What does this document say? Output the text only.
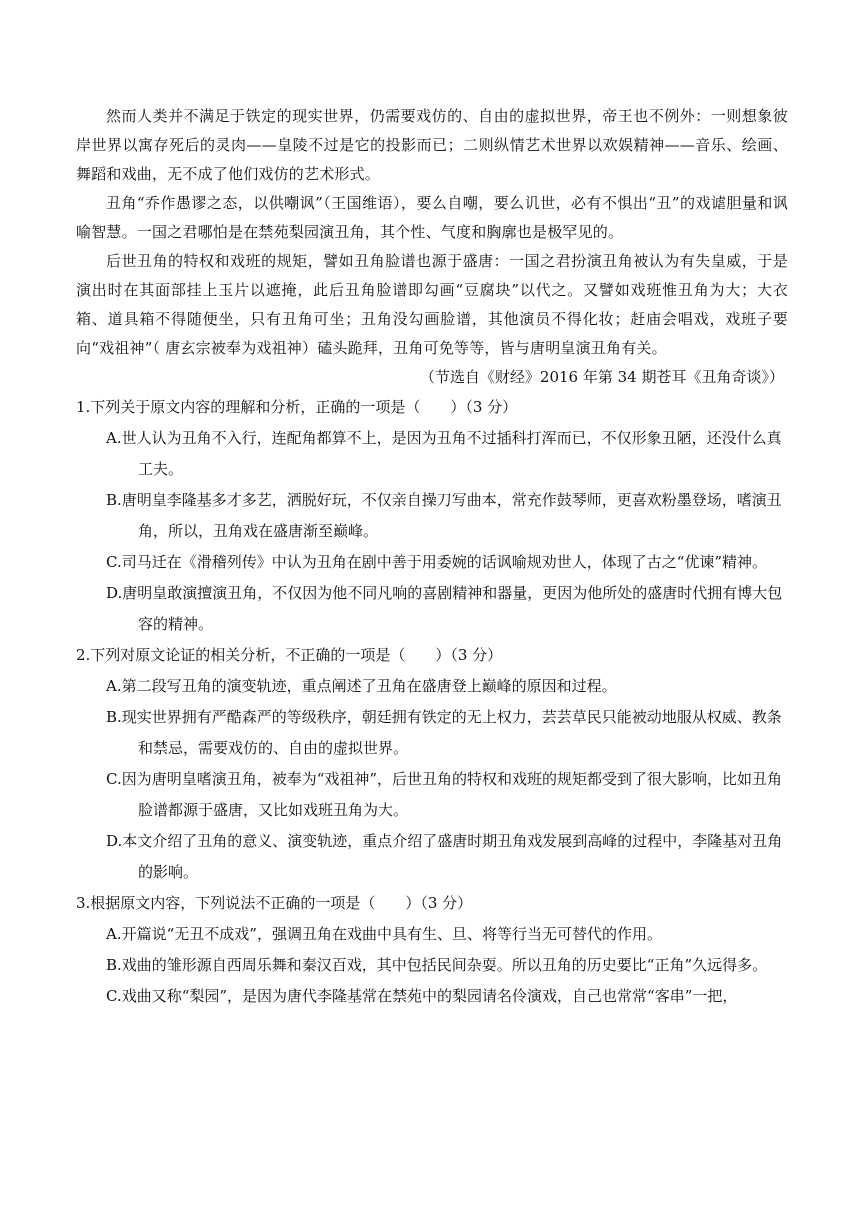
然而人类并不满足于铁定的现实世界，仍需要戏仿的、自由的虚拟世界，帝王也不例外：一则想象彼岸世界以寓存死后的灵肉——皇陵不过是它的投影而已；二则纵情艺术世界以欢娱精神——音乐、绘画、舞蹈和戏曲，无不成了他们戏仿的艺术形式。

丑角“乔作愚谬之态，以供嘲讽”（王国维语），要么自嘲，要么讥世，必有不惧出“丑”的戏谑胆量和讽喻智慧。一国之君哪怕是在禁苑梨园演丑角，其个性、气度和胸廓也是极罕见的。

后世丑角的特权和戏班的规矩，譬如丑角脸谱也源于盛唐：一国之君扮演丑角被认为有失皇威，于是演出时在其面部挂上玉片以遮掩，此后丑角脸谱即勾画“豆腐块”以代之。又譬如戏班惟丑角为大；大衣箱、道具箱不得随便坐，只有丑角可坐；丑角没勾画脸谱，其他演员不得化妆；赶庙会唱戏，戏班子要向“戏祖神”（ 唐玄宗被奉为戏祖神）磕头跪拜，丑角可免等等，皆与唐明皇演丑角有关。

（节选自《财经》2016 年第 34 期苍耳《丑角奇谈》）

1.下列关于原文内容的理解和分析，正确的一项是（　　）（3 分）

A.世人认为丑角不入行，连配角都算不上，是因为丑角不过插科打浑而已，不仅形象丑陋，还没什么真工夫。

B.唐明皇李隆基多才多艺，洒脱好玩，不仅亲自操刀写曲本，常充作鼓琴师，更喜欢粉墨登场，嗜演丑角，所以，丑角戏在盛唐渐至巅峰。

C.司马迁在《滑稽列传》中认为丑角在剧中善于用委婉的话讽喻规劝世人，体现了古之“优谏”精神。

D.唐明皇敢演擅演丑角，不仅因为他不同凡响的喜剧精神和器量，更因为他所处的盛唐时代拥有博大包容的精神。

2.下列对原文论证的相关分析，不正确的一项是（　　）（3 分）

A.第二段写丑角的演变轨迹，重点阐述了丑角在盛唐登上巅峰的原因和过程。

B.现实世界拥有严酷森严的等级秩序，朝廷拥有铁定的无上权力，芸芸草民只能被动地服从权威、教条和禁忌，需要戏仿的、自由的虚拟世界。

C.因为唐明皇嗜演丑角，被奉为“戏祖神”，后世丑角的特权和戏班的规矩都受到了很大影响，比如丑角脸谱都源于盛唐，又比如戏班丑角为大。

D.本文介绍了丑角的意义、演变轨迹，重点介绍了盛唐时期丑角戏发展到高峰的过程中，李隆基对丑角的影响。

3.根据原文内容，下列说法不正确的一项是（　　）（3 分）

A.开篇说“无丑不成戏”，强调丑角在戏曲中具有生、旦、将等行当无可替代的作用。

B.戏曲的雏形源自西周乐舞和秦汉百戏，其中包括民间杂耍。所以丑角的历史要比“正角”久远得多。

C.戏曲又称“梨园”，是因为唐代李隆基常在禁苑中的梨园请名伶演戏，自己也常常“客串”一把，
